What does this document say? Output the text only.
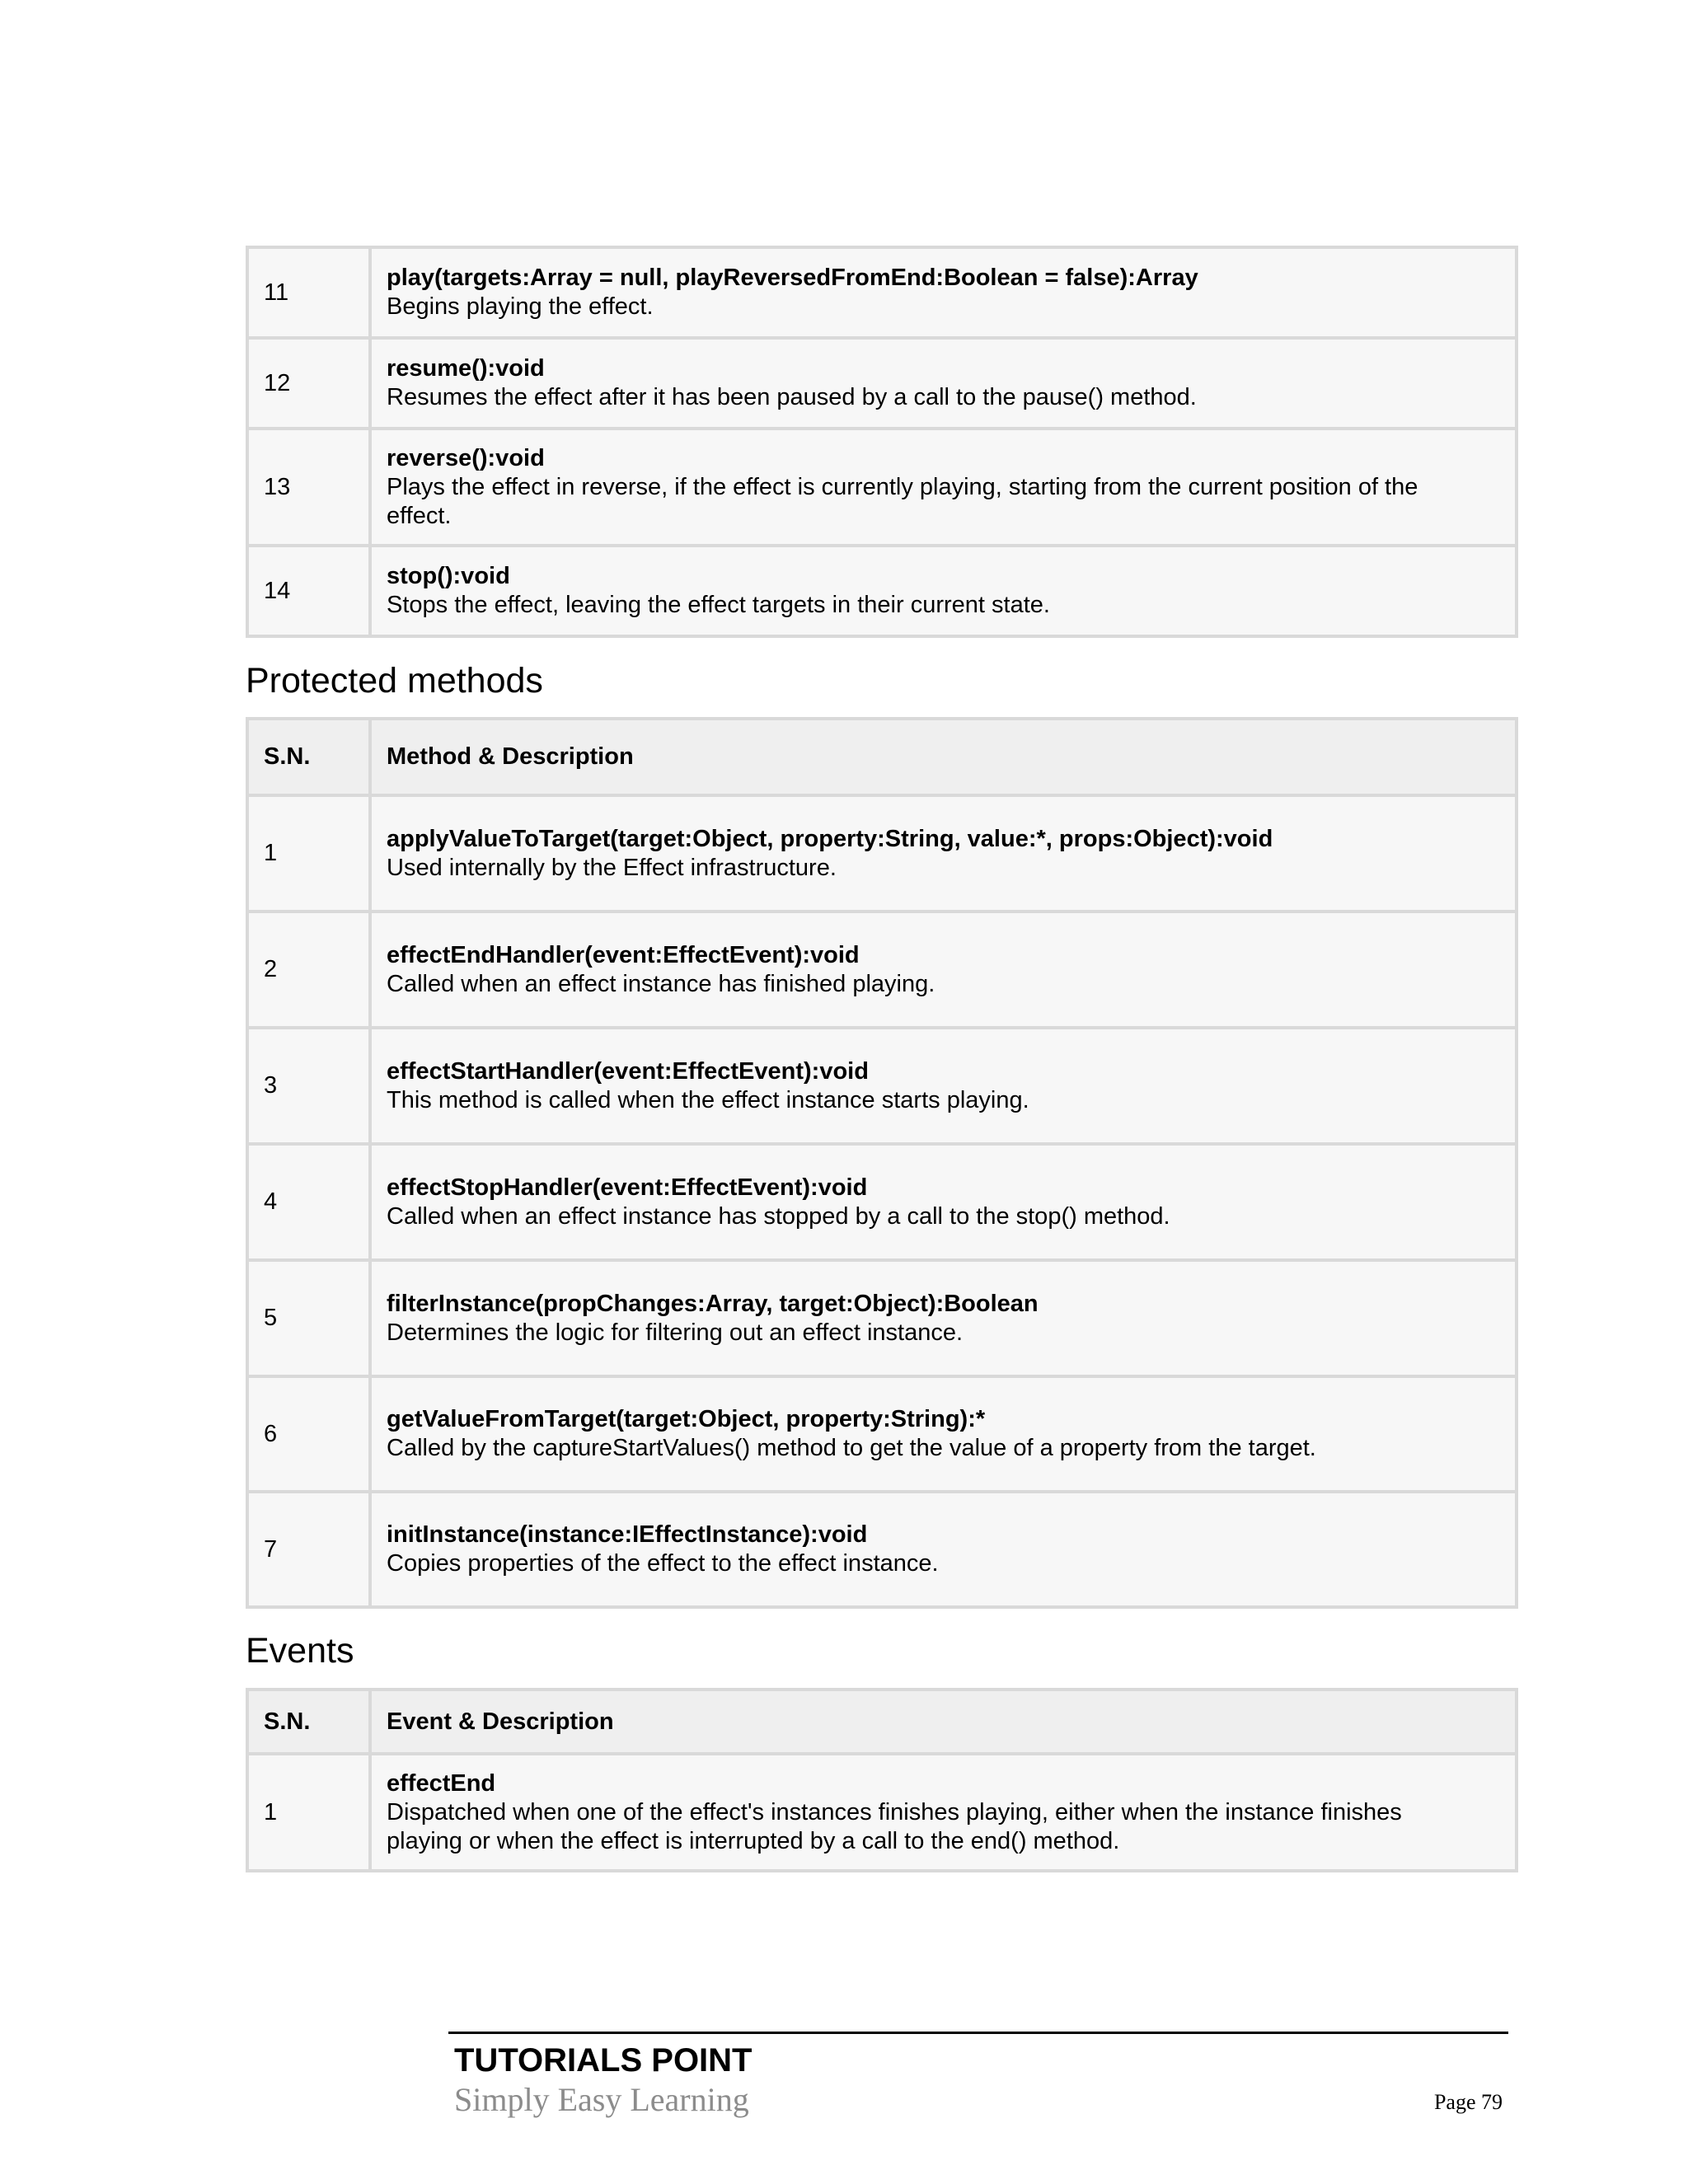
11	play(targets:Array = null, playReversedFromEnd:Boolean = false):Array
Begins playing the effect.

12	resume():void
Resumes the effect after it has been paused by a call to the pause() method.

13	reverse():void
Plays the effect in reverse, if the effect is currently playing, starting from the current position of the effect.

14	stop():void
Stops the effect, leaving the effect targets in their current state.
Protected methods
S.N.	Method & Description
1	applyValueToTarget(target:Object, property:String, value:*, props:Object):void
Used internally by the Effect infrastructure.

2	effectEndHandler(event:EffectEvent):void
Called when an effect instance has finished playing.

3	effectStartHandler(event:EffectEvent):void
This method is called when the effect instance starts playing.

4	effectStopHandler(event:EffectEvent):void
Called when an effect instance has stopped by a call to the stop() method.

5	filterInstance(propChanges:Array, target:Object):Boolean
Determines the logic for filtering out an effect instance.

6	getValueFromTarget(target:Object, property:String):*
Called by the captureStartValues() method to get the value of a property from the target.

7	initInstance(instance:IEffectInstance):void
Copies properties of the effect to the effect instance.
Events
S.N.	Event & Description
1	effectEnd
Dispatched when one of the effect's instances finishes playing, either when the instance finishes playing or when the effect is interrupted by a call to the end() method.
TUTORIALS POINT
Simply Easy Learning	Page 79
